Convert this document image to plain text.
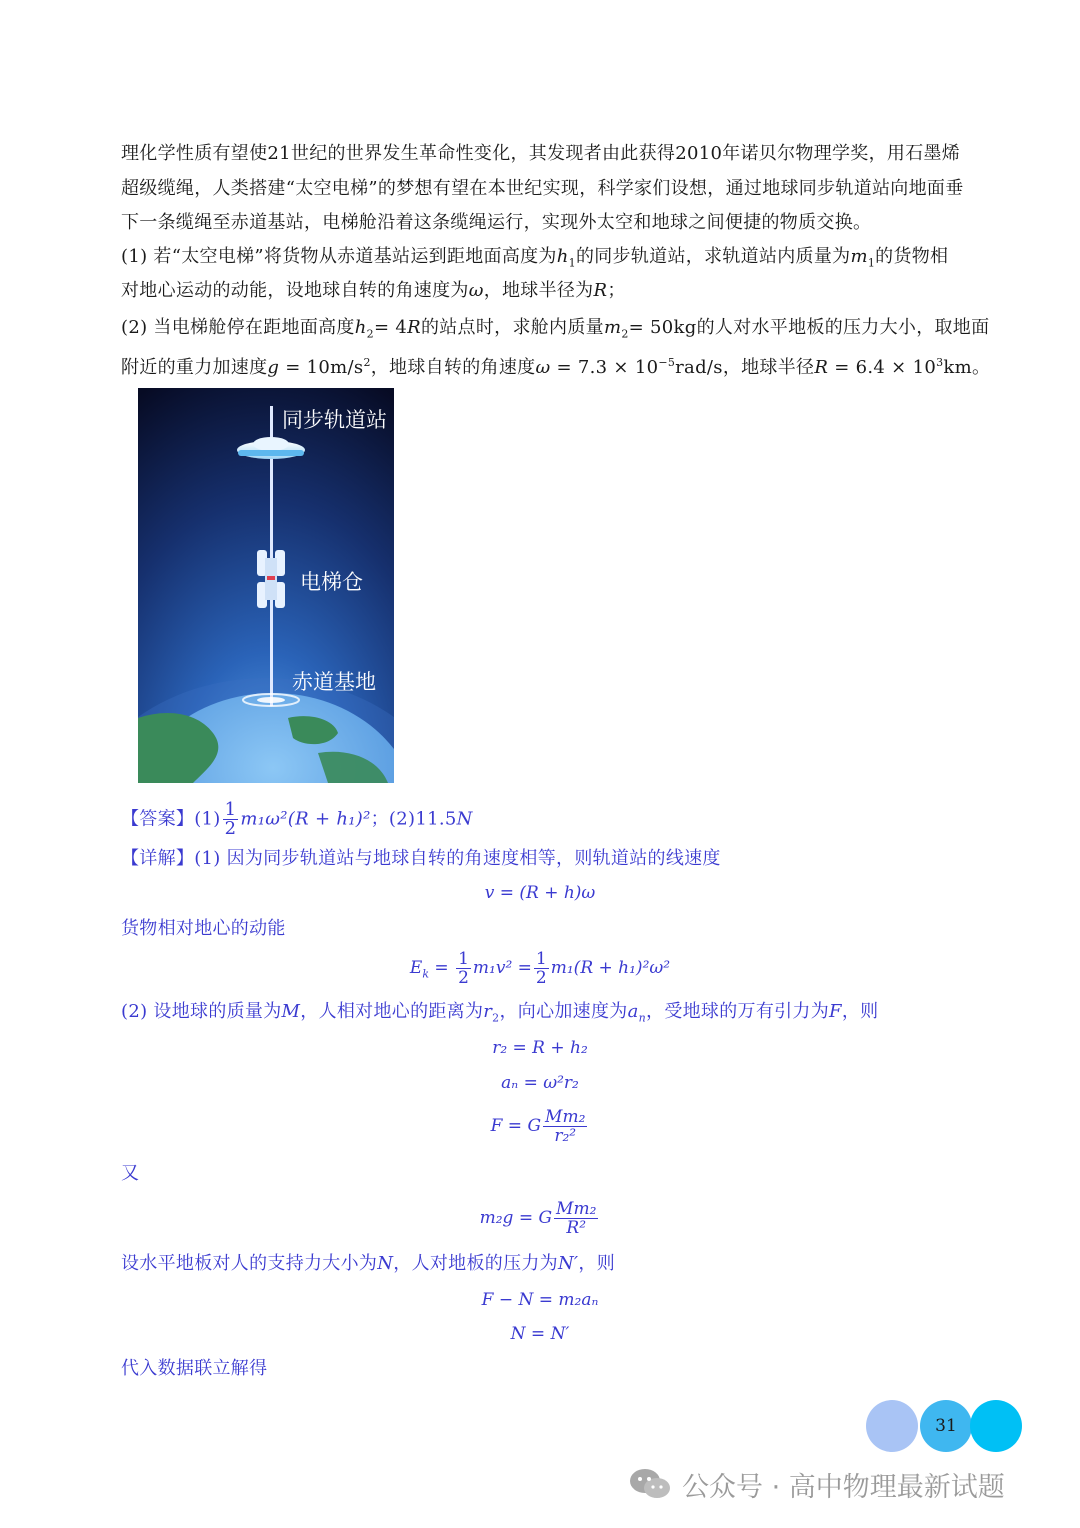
理化学性质有望使21世纪的世界发生革命性变化，其发现者由此获得2010年诺贝尔物理学奖，用石墨烯
超级缆绳，人类搭建“太空电梯”的梦想有望在本世纪实现，科学家们设想，通过地球同步轨道站向地面垂
下一条缆绳至赤道基站，电梯舱沿着这条缆绳运行，实现外太空和地球之间便捷的物质交换。
(1) 若“太空电梯”将货物从赤道基站运到距地面高度为$h_1$的同步轨道站，求轨道站内质量为$m_1$的货物相
对地心运动的动能，设地球自转的角速度为ω，地球半径为R；
(2) 当电梯舱停在距地面高度$h_2= 4R$的站点时，求舱内质量$m_2= 50kg$的人对水平地板的压力大小，取地面
附近的重力加速度$g = 10m/s^2$，地球自转的角速度$\omega = 7.3 \times 10^{-5}rad/s$，地球半径$R = 6.4 \times 10^3km$。
同步轨道站
电梯仓
赤道基地
【答案】$(1) \frac{1}{2} m_1\omega^2(R + h_1)^2$；(2)11.5N
【详解】(1) 因为同步轨道站与地球自转的角速度相等，则轨道站的线速度
v = (R + h)ω
货物相对地心的动能
$E_k = \frac{1}{2} m_1v^2 = \frac{1}{2} m_1(R + h_1)^2\omega^2$
(2) 设地球的质量为M，人相对地心的距离为$r_2$，向心加速度为$a_n$，受地球的万有引力为F，则
r₂ = R + h₂
aₙ = ω²r₂
F = G $\frac{\text{Mm₂}}{\text{r₂²}}$
又
m₂g = G $\frac{\text{Mm₂}}{\text{R²}}$
设水平地板对人的支持力大小为N，人对地板的压力为N′，则
F − N = m₂aₙ
N = N′
代入数据联立解得
31
公众号 · 高中物理最新试题
